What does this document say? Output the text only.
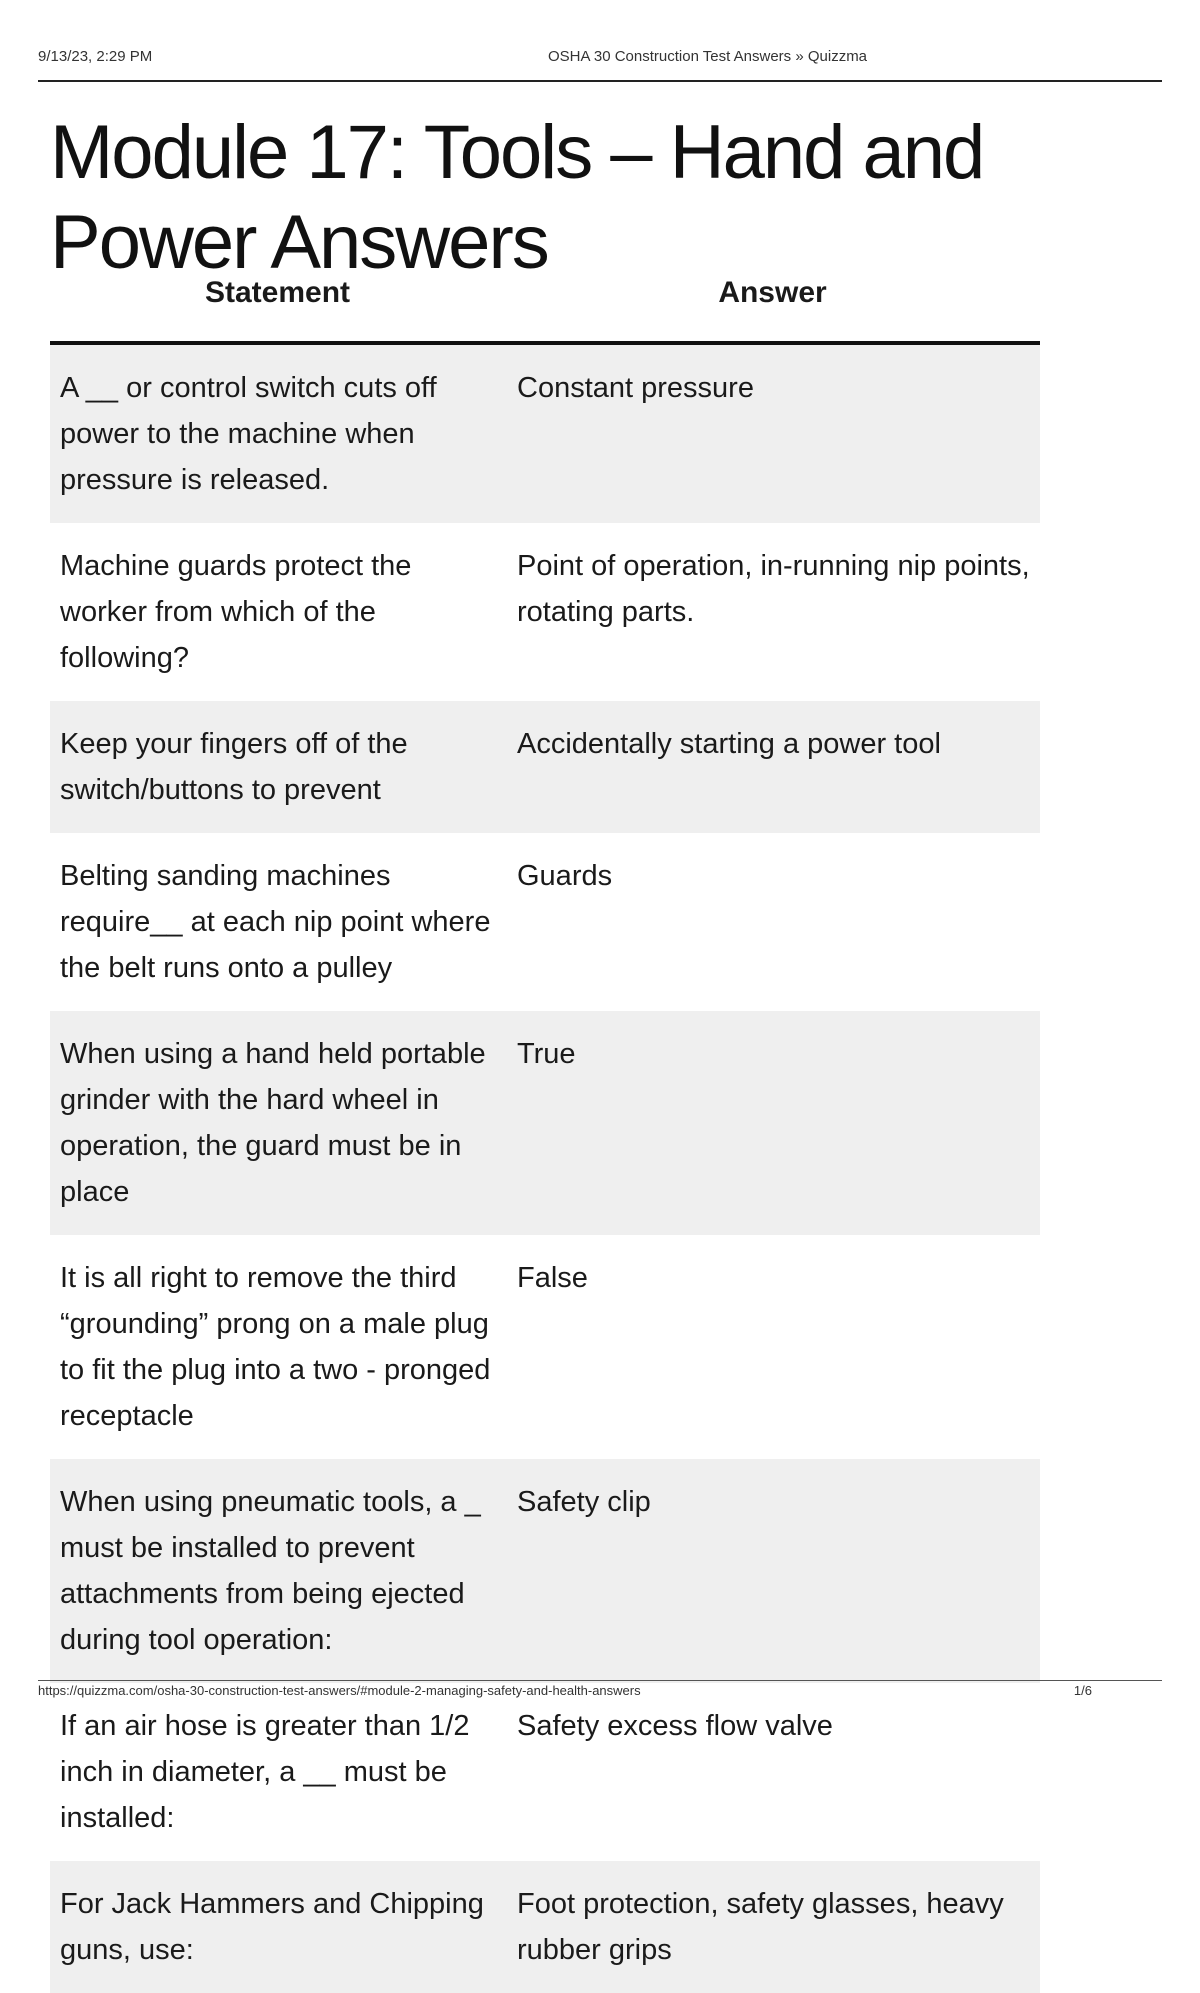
9/13/23, 2:29 PM	OSHA 30 Construction Test Answers » Quizzma
Module 17: Tools – Hand and Power Answers
Statement	Answer
A __ or control switch cuts off power to the machine when pressure is released.	Constant pressure
Machine guards protect the worker from which of the following?	Point of operation, in-running nip points, rotating parts.
Keep your fingers off of the switch/buttons to prevent	Accidentally starting a power tool
Belting sanding machines require__ at each nip point where the belt runs onto a pulley	Guards
When using a hand held portable grinder with the hard wheel in operation, the guard must be in place	True
It is all right to remove the third “grounding” prong on a male plug to fit the plug into a two - pronged receptacle	False
When using pneumatic tools, a _ must be installed to prevent attachments from being ejected during tool operation:	Safety clip
If an air hose is greater than 1/2 inch in diameter, a __ must be installed:	Safety excess flow valve
For Jack Hammers and Chipping guns, use:	Foot protection, safety glasses, heavy rubber grips
https://quizzma.com/osha-30-construction-test-answers/#module-2-managing-safety-and-health-answers	1/6
